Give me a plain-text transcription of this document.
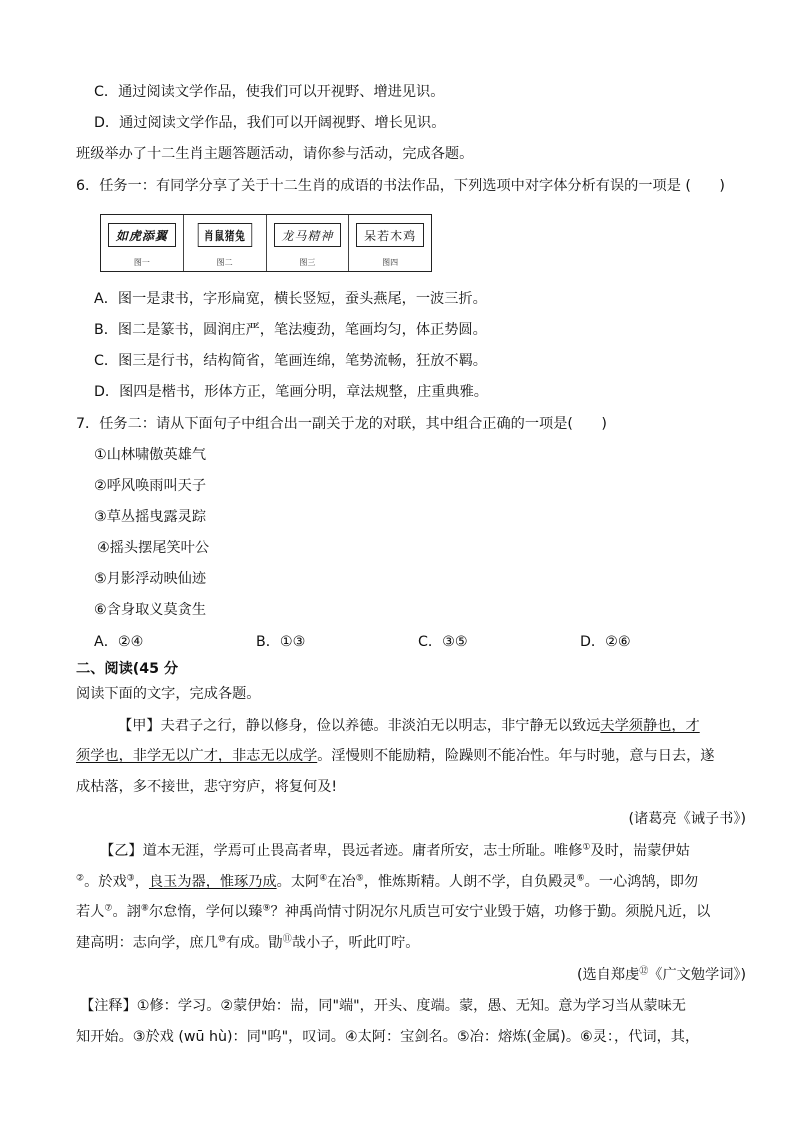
C．通过阅读文学作品，使我们可以开视野、增进见识。
D．通过阅读文学作品，我们可以开阔视野、增长见识。
班级举办了十二生肖主题答题活动，请你参与活动，完成各题。
6．任务一：有同学分享了关于十二生肖的成语的书法作品，下列选项中对字体分析有误的一项是 (　　)
如虎添翼
图一
肖鼠猪兔
图二
龙马精神
图三
呆若木鸡
图四
A．图一是隶书，字形扁宽，横长竖短，蚕头燕尾，一波三折。
B．图二是篆书，圆润庄严，笔法瘦劲，笔画均匀，体正势圆。
C．图三是行书，结构简省，笔画连绵，笔势流畅，狂放不羁。
D．图四是楷书，形体方正，笔画分明，章法规整，庄重典雅。
7．任务二：请从下面句子中组合出一副关于龙的对联，其中组合正确的一项是(　　)
①山林啸傲英雄气
②呼风唤雨叫天子
③草丛摇曳露灵踪
④摇头摆尾笑叶公
⑤月影浮动映仙迹
⑥含身取义莫贪生
A．②④	B．①③	C．③⑤	D．②⑥
二、阅读(45 分
阅读下面的文字，完成各题。
【甲】夫君子之行，静以修身，俭以养德。非淡泊无以明志，非宁静无以致远夫学须静也，才
须学也，非学无以广才，非志无以成学。淫慢则不能励精，险躁则不能冶性。年与时驰，意与日去，遂
成枯落，多不接世，悲守穷庐，将复何及!
(诸葛亮《诫子书》)
【乙】道本无涯，学焉可止畏高者卑，畏远者迹。庸者所安，志士所耻。唯修①及时，耑蒙伊姑
②。於戏③，良玉为器，惟琢乃成。太阿④在冶⑤，惟炼斯精。人朗不学，自负殿灵⑥。一心鸿鹄，即勿
若人⑦。詡⑧尔怠惰，学何以臻⑨？神禹尚情寸阴况尔凡质岂可安宁业毁于嬉，功修于勤。须脱凡近，以
建高明：志向学，庶几⑩有成。勖⑪哉小子，听此叮咛。
(选自郑虔⑫《广文勉学词》)
【注释】①修：学习。②蒙伊始：耑，同"端"，开头、度端。蒙，愚、无知。意为学习当从蒙味无
知开始。③於戏 (wū hù)：同"呜"，叹词。④太阿：宝剑名。⑤冶：熔炼(金属)。⑥灵：，代词，其，
